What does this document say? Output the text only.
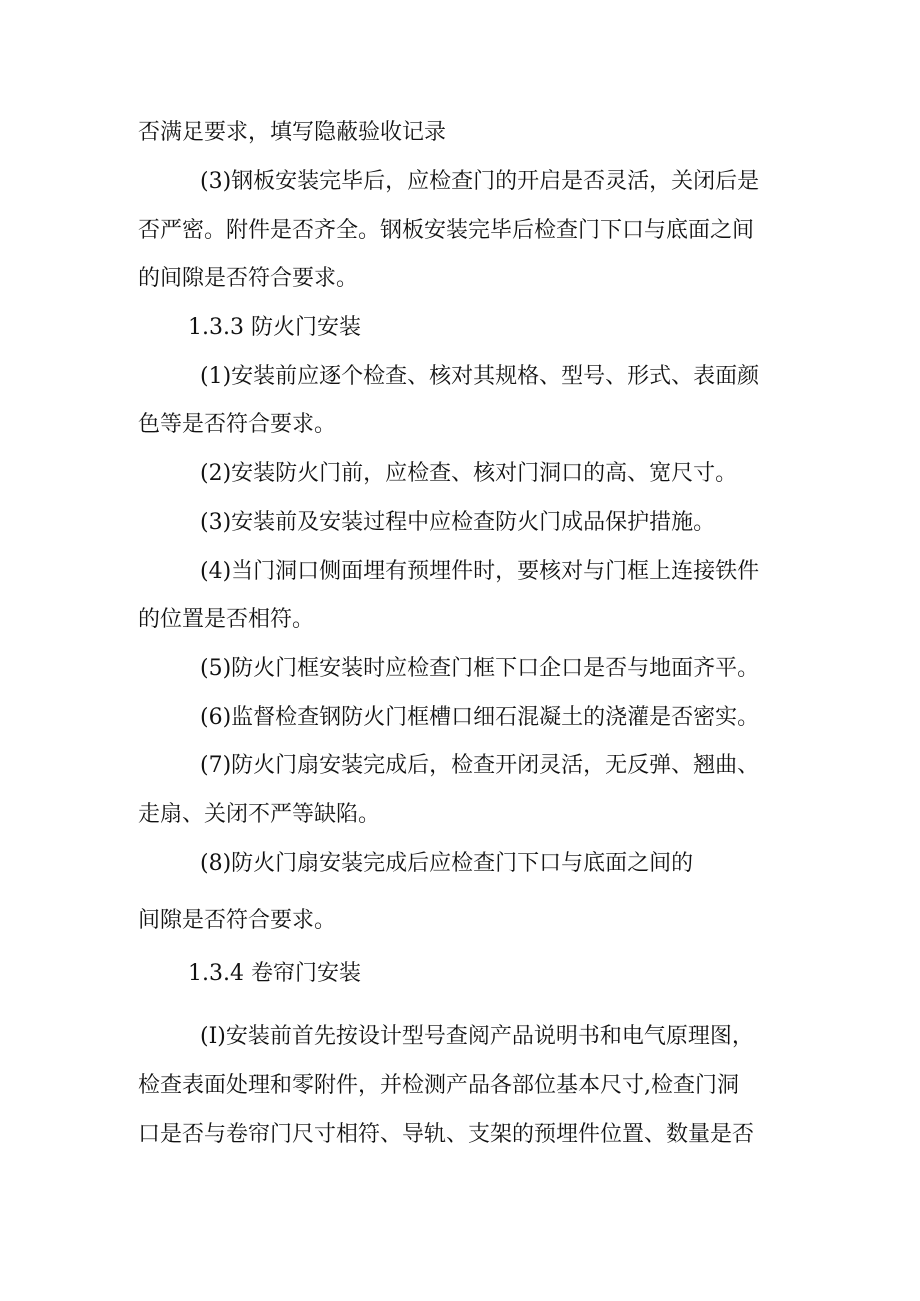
否满足要求，填写隐蔽验收记录
(3)钢板安装完毕后，应检查门的开启是否灵活，关闭后是
否严密。附件是否齐全。钢板安装完毕后检查门下口与底面之间
的间隙是否符合要求。
1.3.3 防火门安装
(1)安装前应逐个检查、核对其规格、型号、形式、表面颜
色等是否符合要求。
(2)安装防火门前，应检查、核对门洞口的高、宽尺寸。
(3)安装前及安装过程中应检查防火门成品保护措施。
(4)当门洞口侧面埋有预埋件时，要核对与门框上连接铁件
的位置是否相符。
(5)防火门框安装时应检查门框下口企口是否与地面齐平。
(6)监督检查钢防火门框槽口细石混凝土的浇灌是否密实。
(7)防火门扇安装完成后，检查开闭灵活，无反弹、翘曲、
走扇、关闭不严等缺陷。
(8)防火门扇安装完成后应检查门下口与底面之间的
间隙是否符合要求。
1.3.4 卷帘门安装
(I)安装前首先按设计型号查阅产品说明书和电气原理图，
检查表面处理和零附件，并检测产品各部位基本尺寸,检查门洞
口是否与卷帘门尺寸相符、导轨、支架的预埋件位置、数量是否
